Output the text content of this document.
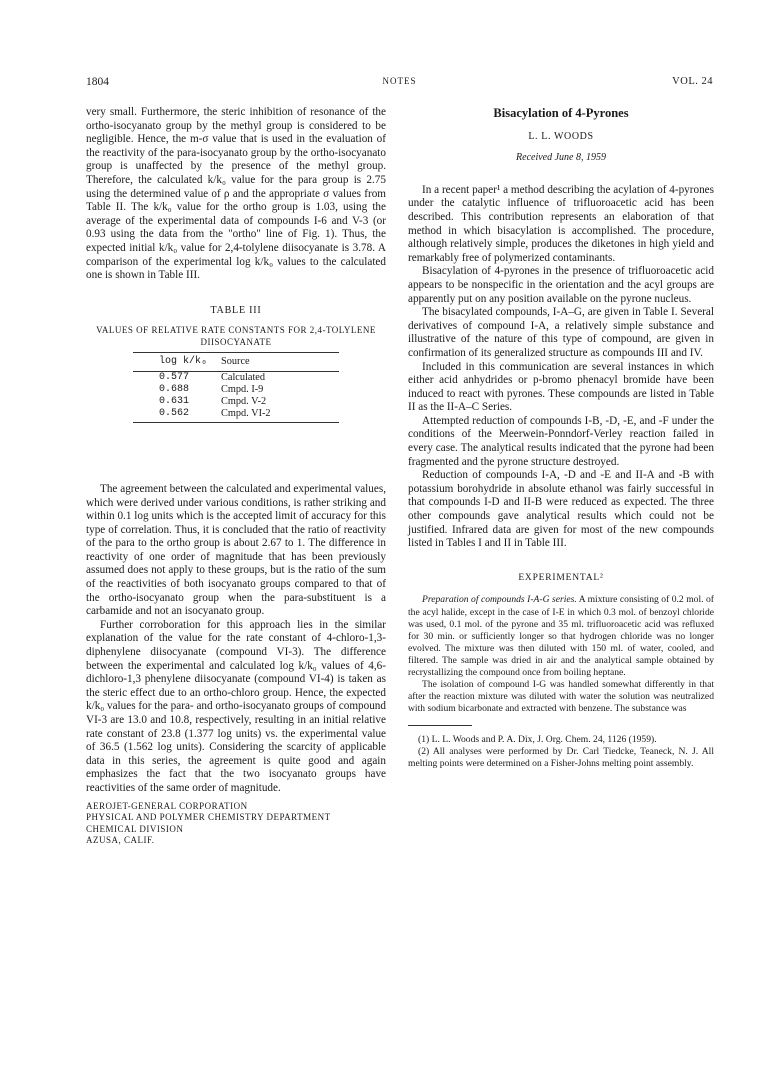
1804	NOTES	VOL. 24

very small. Furthermore, the steric inhibition of resonance of the ortho-isocyanato group by the methyl group is considered to be negligible. Hence, the m-σ value that is used in the evaluation of the reactivity of the para-isocyanato group by the ortho-isocyanato group is unaffected by the presence of the methyl group. Therefore, the calculated k/k₀ value for the para group is 2.75 using the determined value of ρ and the appropriate σ values from Table II. The k/k₀ value for the ortho group is 1.03, using the average of the experimental data of compounds I-6 and V-3 (or 0.93 using the data from the "ortho" line of Fig. 1). Thus, the expected initial k/k₀ value for 2,4-tolylene diisocyanate is 3.78. A comparison of the experimental log k/k₀ values to the calculated one is shown in Table III.

TABLE III
VALUES OF RELATIVE RATE CONSTANTS FOR 2,4-TOLYLENE DIISOCYANATE
log k/k₀	Source
0.577	Calculated
0.688	Cmpd. I-9
0.631	Cmpd. V-2
0.562	Cmpd. VI-2

The agreement between the calculated and experimental values, which were derived under various conditions, is rather striking and within 0.1 log units which is the accepted limit of accuracy for this type of correlation. Thus, it is concluded that the ratio of reactivity of the para to the ortho group is about 2.67 to 1. The difference in reactivity of one order of magnitude that has been previously assumed does not apply to these groups, but is the ratio of the sum of the reactivities of both isocyanato groups compared to that of the ortho-isocyanato group when the para-substituent is a carbamide and not an isocyanato group.

Further corroboration for this approach lies in the similar explanation of the value for the rate constant of 4-chloro-1,3-diphenylene diisocyanate (compound VI-3). The difference between the experimental and calculated log k/k₀ values of 4,6-dichloro-1,3 phenylene diisocyanate (compound VI-4) is taken as the steric effect due to an ortho-chloro group. Hence, the expected k/k₀ values for the para- and ortho-isocyanato groups of compound VI-3 are 13.0 and 10.8, respectively, resulting in an initial relative rate constant of 23.8 (1.377 log units) vs. the experimental value of 36.5 (1.562 log units). Considering the scarcity of applicable data in this series, the agreement is quite good and again emphasizes the fact that the two isocyanato groups have reactivities of the same order of magnitude.

AEROJET-GENERAL CORPORATION
PHYSICAL AND POLYMER CHEMISTRY DEPARTMENT
CHEMICAL DIVISION
AZUSA, CALIF.
Bisacylation of 4-Pyrones
L. L. WOODS
Received June 8, 1959

In a recent paper¹ a method describing the acylation of 4-pyrones under the catalytic influence of trifluoroacetic acid has been described. This contribution represents an elaboration of that method in which bisacylation is accomplished. The procedure, although relatively simple, produces the diketones in high yield and remarkably free of polymerized contaminants.

Bisacylation of 4-pyrones in the presence of trifluoroacetic acid appears to be nonspecific in the orientation and the acyl groups are apparently put on any position available on the pyrone nucleus.

The bisacylated compounds, I-A–G, are given in Table I. Several derivatives of compound I-A, a relatively simple substance and illustrative of the nature of this type of compound, are given in confirmation of its generalized structure as compounds III and IV.

Included in this communication are several instances in which either acid anhydrides or p-bromo phenacyl bromide have been induced to react with pyrones. These compounds are listed in Table II as the II-A–C Series.

Attempted reduction of compounds I-B, -D, -E, and -F under the conditions of the Meerwein-Ponndorf-Verley reaction failed in every case. The analytical results indicated that the pyrone had been fragmented and the pyrone structure destroyed.

Reduction of compounds I-A, -D and -E and II-A and -B with potassium borohydride in absolute ethanol was fairly successful in that compounds I-D and II-B were reduced as expected. The three other compounds gave analytical results which could not be justified. Infrared data are given for most of the new compounds listed in Tables I and II in Table III.

EXPERIMENTAL²

Preparation of compounds I-A-G series. A mixture consisting of 0.2 mol. of the acyl halide, except in the case of I-E in which 0.3 mol. of benzoyl chloride was used, 0.1 mol. of the pyrone and 35 ml. trifluoroacetic acid was refluxed for 30 min. or sufficiently longer so that hydrogen chloride was no longer evolved. The mixture was then diluted with 150 ml. of water, cooled, and filtered. The sample was dried in air and the analytical sample obtained by recrystallizing the compound once from boiling heptane.

The isolation of compound I-G was handled somewhat differently in that after the reaction mixture was diluted with water the solution was neutralized with sodium bicarbonate and extracted with benzene. The substance was

(1) L. L. Woods and P. A. Dix, J. Org. Chem. 24, 1126 (1959).

(2) All analyses were performed by Dr. Carl Tiedcke, Teaneck, N. J. All melting points were determined on a Fisher-Johns melting point assembly.
